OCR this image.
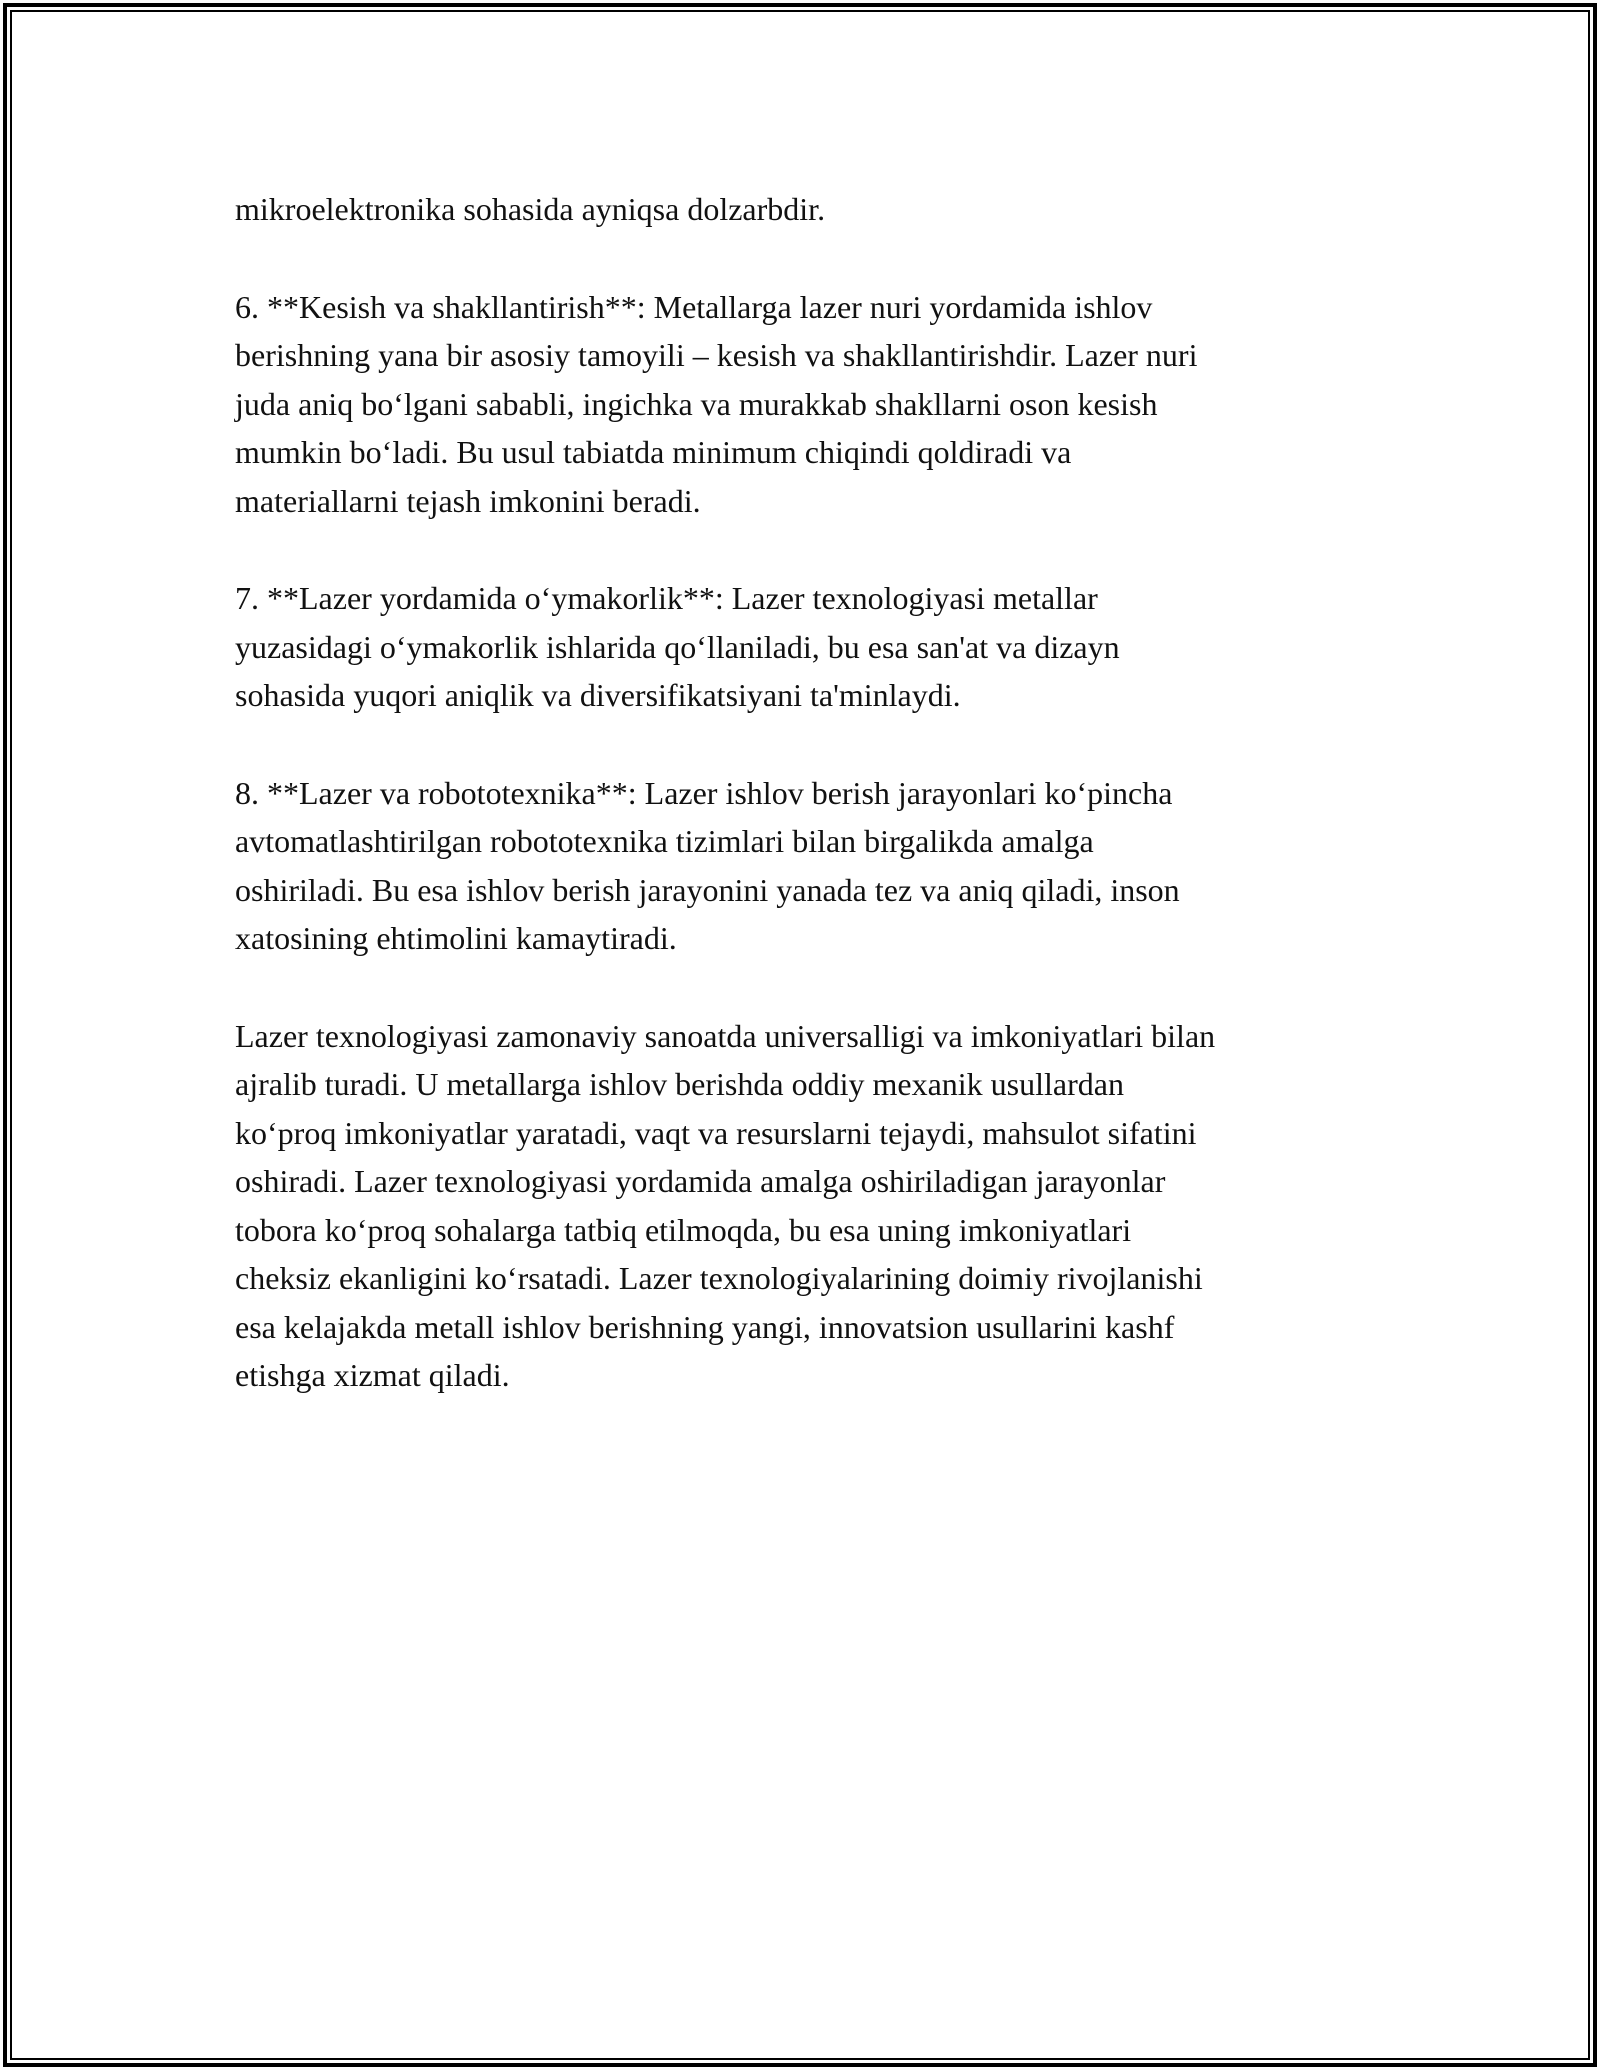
mikroelektronika sohasida ayniqsa dolzarbdir.

6. **Kesish va shakllantirish**: Metallarga lazer nuri yordamida ishlov
berishning yana bir asosiy tamoyili – kesish va shakllantirishdir. Lazer nuri
juda aniq boʻlgani sababli, ingichka va murakkab shakllarni oson kesish
mumkin boʻladi. Bu usul tabiatda minimum chiqindi qoldiradi va
materiallarni tejash imkonini beradi.

7. **Lazer yordamida oʻymakorlik**: Lazer texnologiyasi metallar
yuzasidagi oʻymakorlik ishlarida qoʻllaniladi, bu esa san'at va dizayn
sohasida yuqori aniqlik va diversifikatsiyani ta'minlaydi.

8. **Lazer va robototexnika**: Lazer ishlov berish jarayonlari koʻpincha
avtomatlashtirilgan robototexnika tizimlari bilan birgalikda amalga
oshiriladi. Bu esa ishlov berish jarayonini yanada tez va aniq qiladi, inson
xatosining ehtimolini kamaytiradi.

Lazer texnologiyasi zamonaviy sanoatda universalligi va imkoniyatlari bilan
ajralib turadi. U metallarga ishlov berishda oddiy mexanik usullardan
koʻproq imkoniyatlar yaratadi, vaqt va resurslarni tejaydi, mahsulot sifatini
oshiradi. Lazer texnologiyasi yordamida amalga oshiriladigan jarayonlar
tobora koʻproq sohalarga tatbiq etilmoqda, bu esa uning imkoniyatlari
cheksiz ekanligini koʻrsatadi. Lazer texnologiyalarining doimiy rivojlanishi
esa kelajakda metall ishlov berishning yangi, innovatsion usullarini kashf
etishga xizmat qiladi.
